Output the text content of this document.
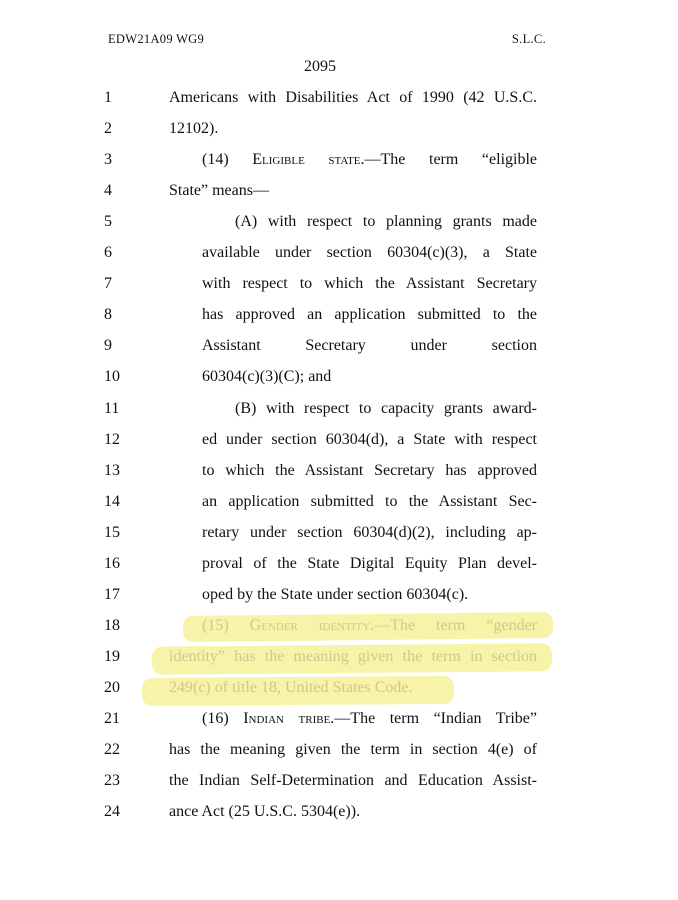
EDW21A09 WG9	S.L.C.
2095
1	Americans with Disabilities Act of 1990 (42 U.S.C.
2	12102).
3	(14) Eligible state.—The term “eligible
4	State” means—
5	(A) with respect to planning grants made
6	available under section 60304(c)(3), a State
7	with respect to which the Assistant Secretary
8	has approved an application submitted to the
9	Assistant Secretary under section
10	60304(c)(3)(C); and
11	(B) with respect to capacity grants award-
12	ed under section 60304(d), a State with respect
13	to which the Assistant Secretary has approved
14	an application submitted to the Assistant Sec-
15	retary under section 60304(d)(2), including ap-
16	proval of the State Digital Equity Plan devel-
17	oped by the State under section 60304(c).
18	(15) Gender identity.—The term “gender
19	identity” has the meaning given the term in section
20	249(c) of title 18, United States Code.
21	(16) Indian tribe.—The term “Indian Tribe”
22	has the meaning given the term in section 4(e) of
23	the Indian Self-Determination and Education Assist-
24	ance Act (25 U.S.C. 5304(e)).
